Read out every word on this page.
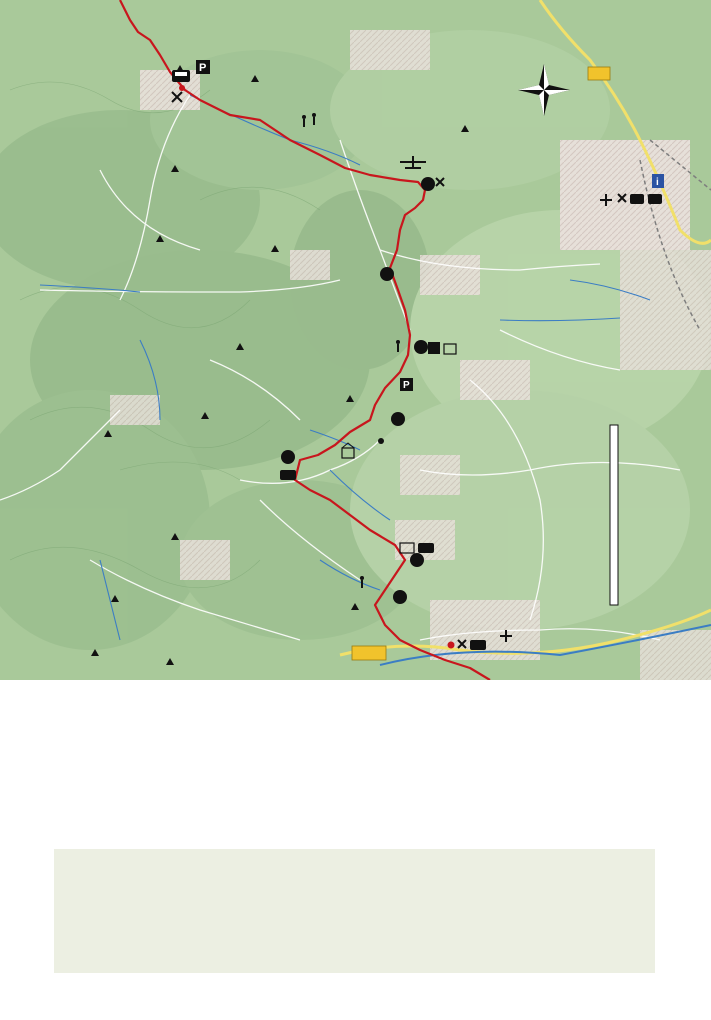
P
i
P
